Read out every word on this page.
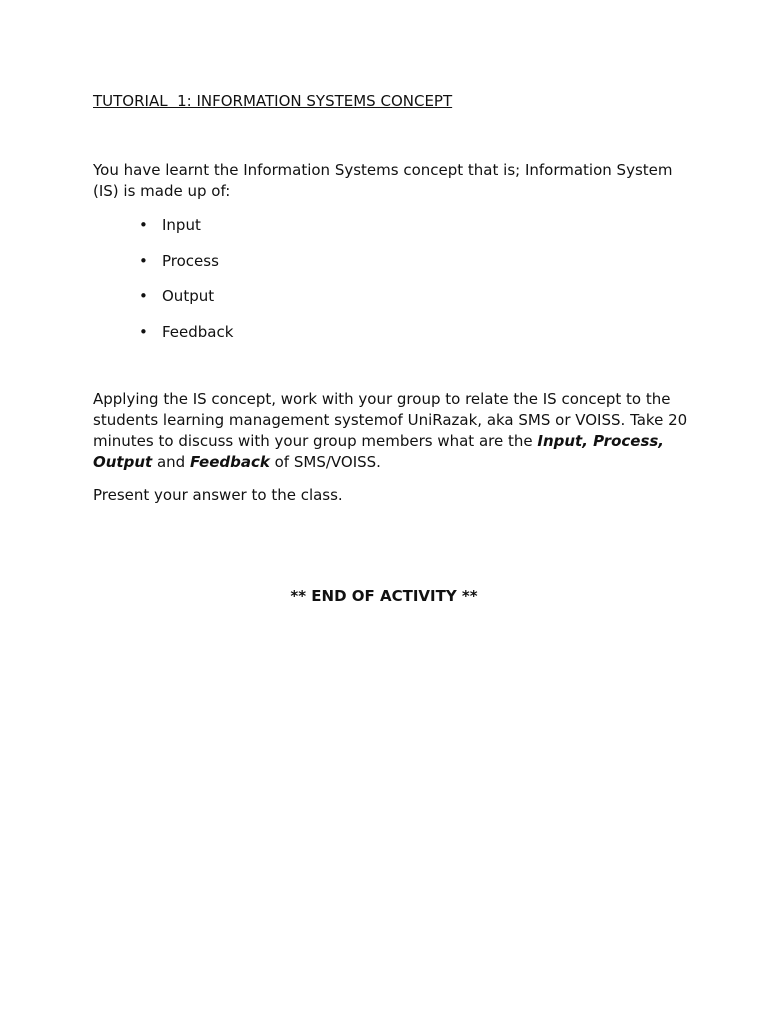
TUTORIAL  1: INFORMATION SYSTEMS CONCEPT

You have learnt the Information Systems concept that is; Information System (IS) is made up of:

• Input
• Process
• Output
• Feedback

Applying the IS concept, work with your group to relate the IS concept to the students learning management systemof UniRazak, aka SMS or VOISS. Take 20 minutes to discuss with your group members what are the Input, Process, Output and Feedback of SMS/VOISS.

Present your answer to the class.

** END OF ACTIVITY **
